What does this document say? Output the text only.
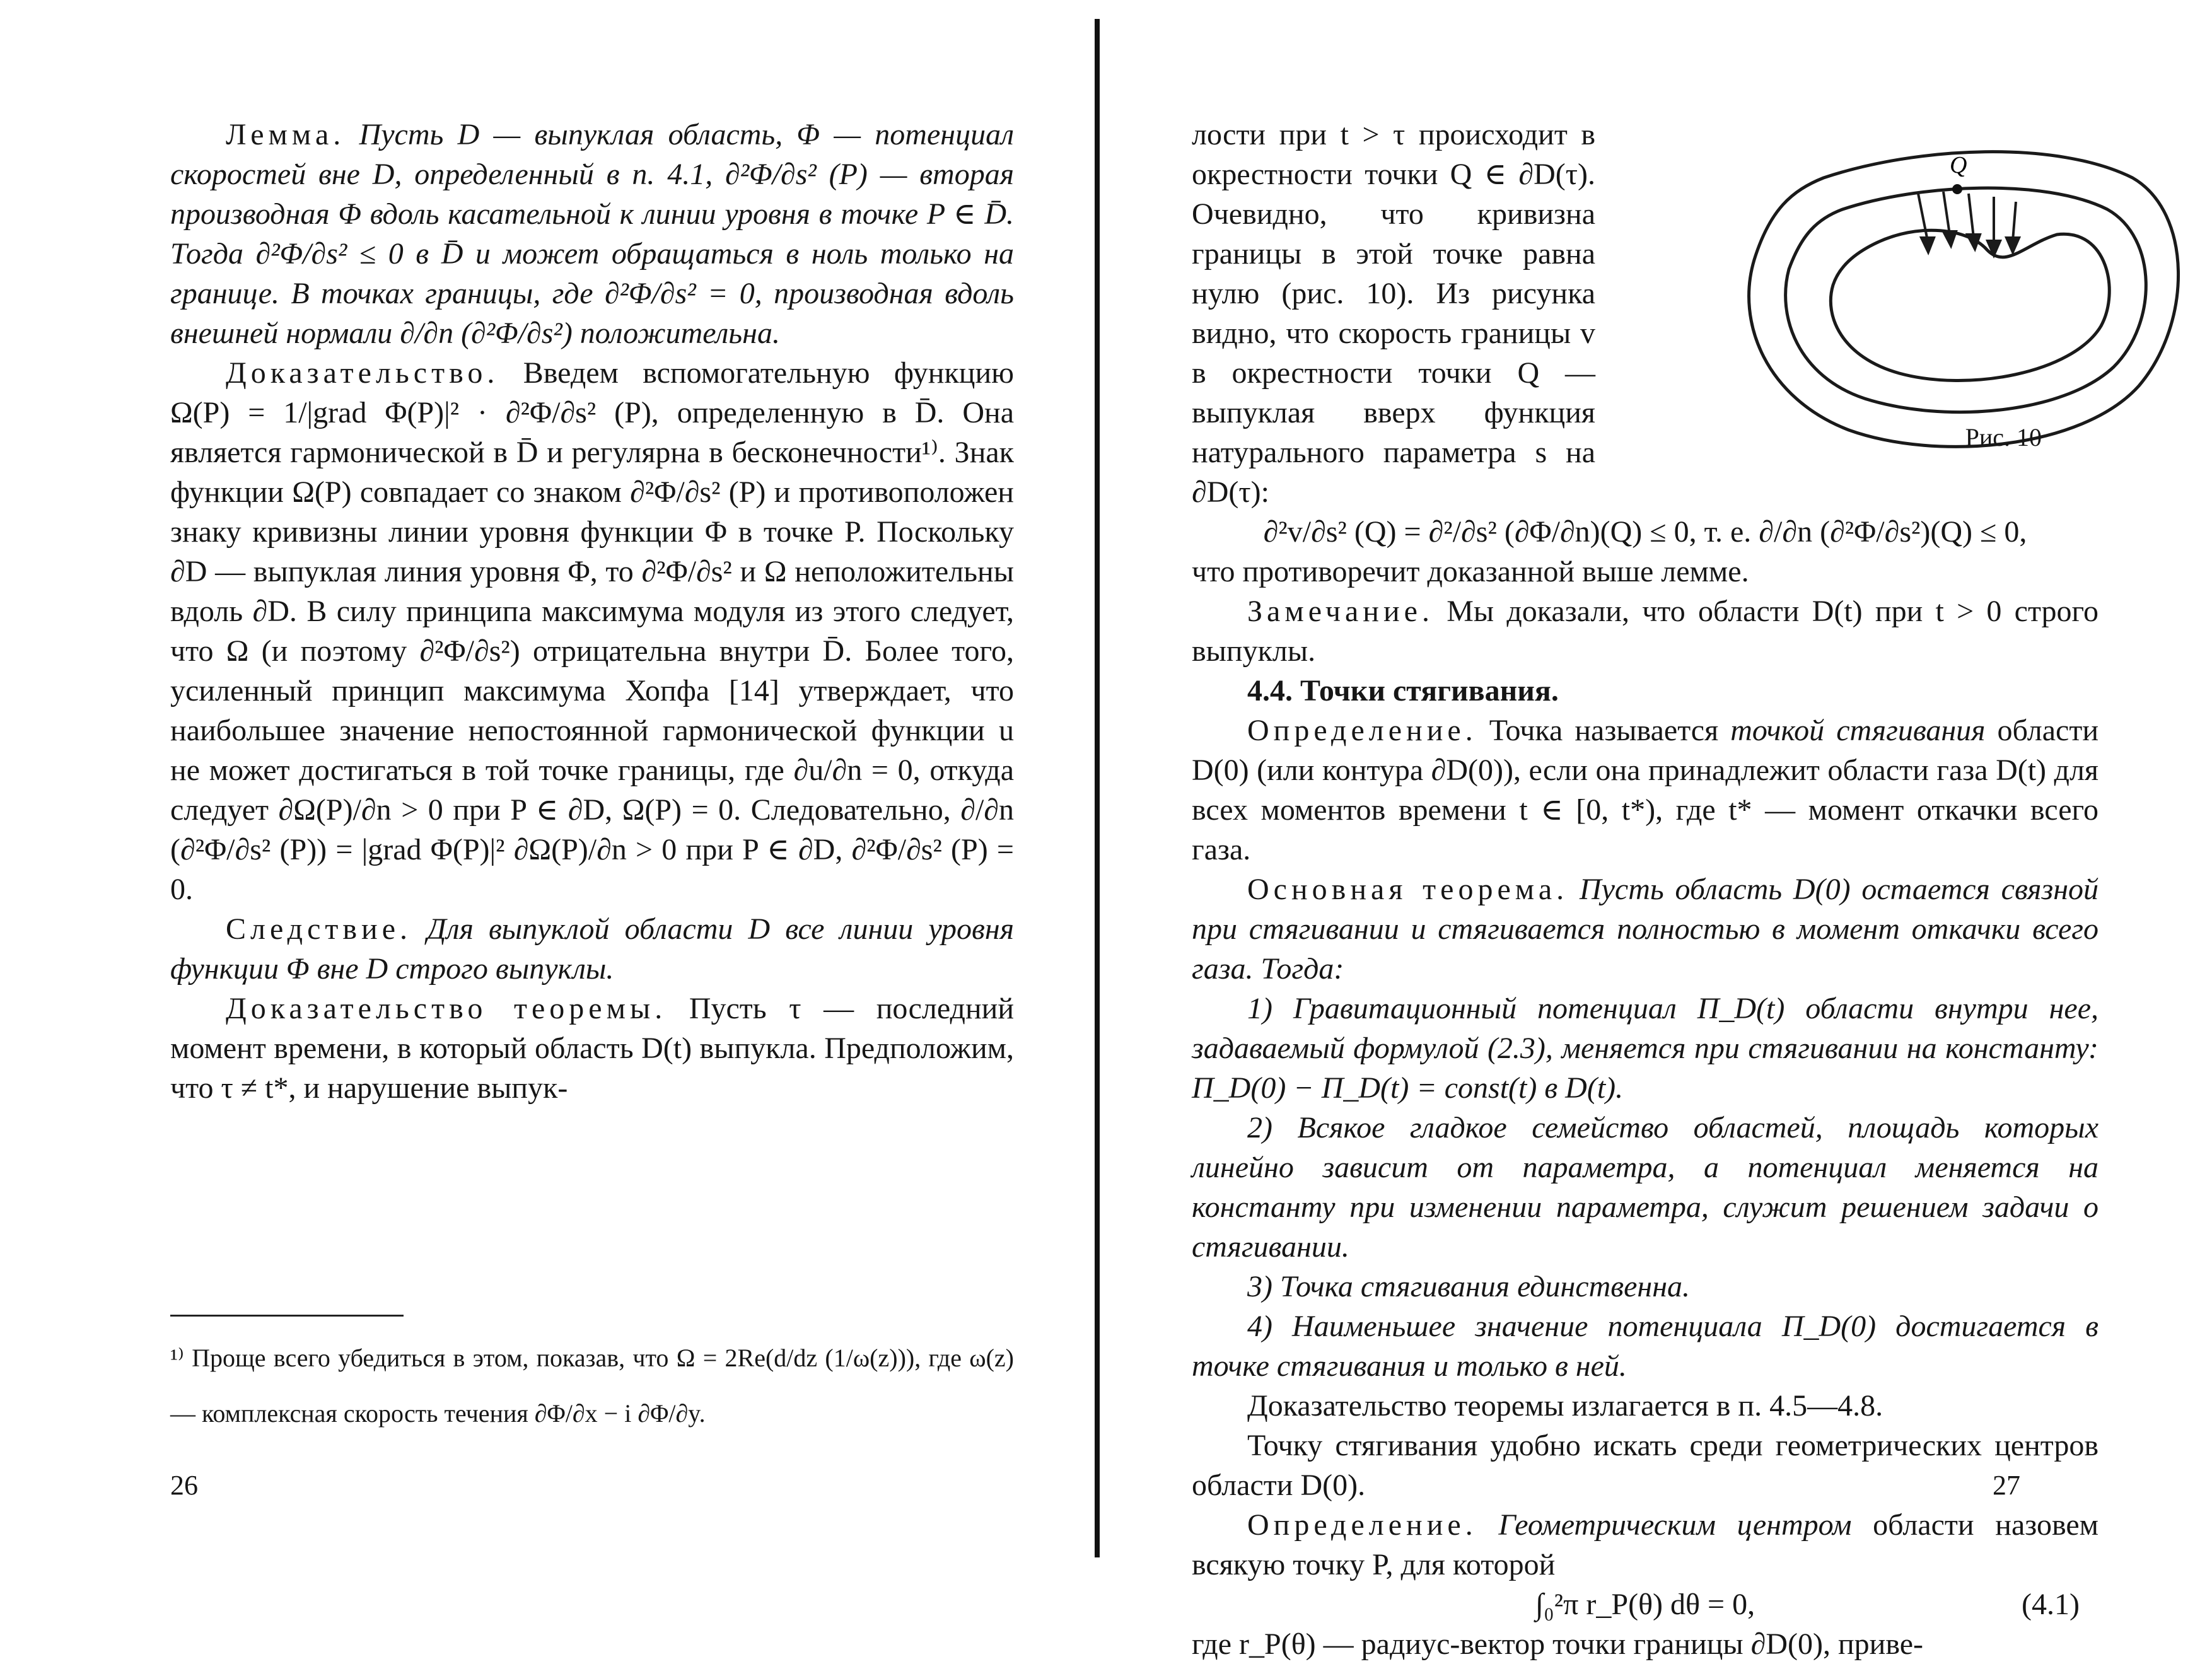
Лемма. Пусть D — выпуклая область, Φ — потенциал скоростей вне D, определенный в п. 4.1, ∂²Φ/∂s² (P) — вторая производная Φ вдоль касательной к линии уровня в точке P ∈ D̄. Тогда ∂²Φ/∂s² ≤ 0 в D̄ и может обращаться в ноль только на границе. В точках границы, где ∂²Φ/∂s² = 0, производная вдоль внешней нормали ∂/∂n (∂²Φ/∂s²) положительна.

Доказательство. Введем вспомогательную функцию Ω(P) = 1/|grad Φ(P)|² · ∂²Φ/∂s² (P), определенную в D̄. Она является гармонической в D̄ и регулярна в бесконечности¹⁾. Знак функции Ω(P) совпадает со знаком ∂²Φ/∂s² (P) и противоположен знаку кривизны линии уровня функции Φ в точке P. Поскольку ∂D — выпуклая линия уровня Φ, то ∂²Φ/∂s² и Ω неположительны вдоль ∂D. В силу принципа максимума модуля из этого следует, что Ω (и поэтому ∂²Φ/∂s²) отрицательна внутри D̄. Более того, усиленный принцип максимума Хопфа [14] утверждает, что наибольшее значение непостоянной гармонической функции u не может достигаться в той точке границы, где ∂u/∂n = 0, откуда следует ∂Ω(P)/∂n > 0 при P ∈ ∂D, Ω(P) = 0. Следовательно, ∂/∂n (∂²Φ/∂s² (P)) = |grad Φ(P)|² ∂Ω(P)/∂n > 0 при P ∈ ∂D, ∂²Φ/∂s² (P) = 0.

Следствие. Для выпуклой области D все линии уровня функции Φ вне D строго выпуклы.

Доказательство теоремы. Пусть τ — последний момент времени, в который область D(t) выпукла. Предположим, что τ ≠ t*, и нарушение выпук-

¹⁾ Проще всего убедиться в этом, показав, что Ω = 2Re(d/dz (1/ω(z))), где ω(z) — комплексная скорость течения ∂Φ/∂x − i ∂Φ/∂y.
26
Q
Рис. 10

лости при t > τ происходит в окрестности точки Q ∈ ∂D(τ). Очевидно, что кривизна границы в этой точке равна нулю (рис. 10). Из рисунка видно, что скорость границы v в окрестности точки Q — выпуклая вверх функция натурального параметра s на ∂D(τ):

∂²v/∂s² (Q) = ∂²/∂s² (∂Φ/∂n)(Q) ≤ 0, т. е. ∂/∂n (∂²Φ/∂s²)(Q) ≤ 0,

что противоречит доказанной выше лемме.

Замечание. Мы доказали, что области D(t) при t > 0 строго выпуклы.

4.4. Точки стягивания.

Определение. Точка называется точкой стягивания области D(0) (или контура ∂D(0)), если она принадлежит области газа D(t) для всех моментов времени t ∈ [0, t*), где t* — момент откачки всего газа.

Основная теорема. Пусть область D(0) остается связной при стягивании и стягивается полностью в момент откачки всего газа. Тогда:

1) Гравитационный потенциал Π_D(t) области внутри нее, задаваемый формулой (2.3), меняется при стягивании на константу: Π_D(0) − Π_D(t) = const(t) в D(t).

2) Всякое гладкое семейство областей, площадь которых линейно зависит от параметра, а потенциал меняется на константу при изменении параметра, служит решением задачи о стягивании.

3) Точка стягивания единственна.

4) Наименьшее значение потенциала Π_D(0) достигается в точке стягивания и только в ней.

Доказательство теоремы излагается в п. 4.5—4.8.

Точку стягивания удобно искать среди геометрических центров области D(0).

Определение. Геометрическим центром области назовем всякую точку P, для которой

∫₀²π r_P(θ) dθ = 0,	(4.1)

где r_P(θ) — радиус-вектор точки границы ∂D(0), приве-

27
